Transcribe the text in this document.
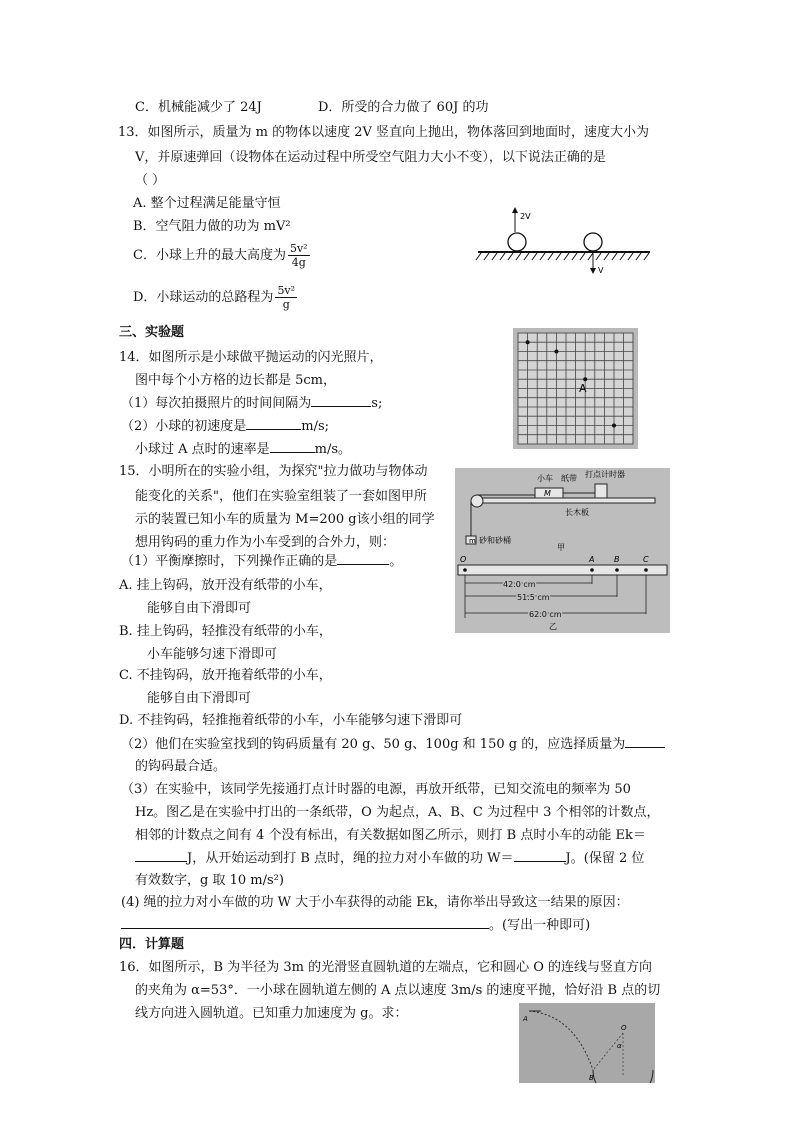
C．机械能减少了 24J	D．所受的合力做了 60J 的功
13．如图所示，质量为 m 的物体以速度 2V 竖直向上抛出，物体落回到地面时，速度大小为
V，并原速弹回（设物体在运动过程中所受空气阻力大小不变），以下说法正确的是
（ ）
A. 整个过程满足能量守恒
B．空气阻力做的功为 mV²
C．小球上升的最大高度为 $\frac{\text{5v²}}{4g}$
D．小球运动的总路程为 $\frac{\text{5v²}}{g}$
2V
V
三、实验题
14．如图所示是小球做平抛运动的闪光照片，
图中每个小方格的边长都是 5cm，
（1）每次拍摄照片的时间间隔为	s;
（2）小球的初速度是	m/s;
小球过 A 点时的速率是	m/s。
A
15．小明所在的实验小组，为探究"拉力做功与物体动
能变化的关系"，他们在实验室组装了一套如图甲所
示的装置已知小车的质量为 M=200 g该小组的同学
想用钩码的重力作为小车受到的合外力，则：
（1）平衡摩擦时，下列操作正确的是	。
A. 挂上钩码，放开没有纸带的小车，
能够自由下滑即可
B. 挂上钩码，轻推没有纸带的小车，
小车能够匀速下滑即可
C. 不挂钩码，放开拖着纸带的小车，
能够自由下滑即可
D. 不挂钩码，轻推拖着纸带的小车，小车能够匀速下滑即可
（2）他们在实验室找到的钩码质量有 20 g、50 g、100g 和 150 g 的，应选择质量为
的钩码最合适。
（3）在实验中，该同学先接通打点计时器的电源，再放开纸带，已知交流电的频率为 50
Hz。图乙是在实验中打出的一条纸带，O 为起点，A、B、C 为过程中 3 个相邻的计数点，
相邻的计数点之间有 4 个没有标出，有关数据如图乙所示，则打 B 点时小车的动能 Ek＝
J，从开始运动到打 B 点时，绳的拉力对小车做的功 W＝	J。(保留 2 位
有效数字，g 取 10 m/s²)
(4) 绳的拉力对小车做的功 W 大于小车获得的动能 Ek，请你举出导致这一结果的原因：
。(写出一种即可)
m
M
小车 纸带 打点计时器
长木板
砂和砂桶
甲
O	A B	C
42.0 cm
51.5 cm
62.0 cm
乙
四．计算题
16．如图所示，B 为半径为 3m 的光滑竖直圆轨道的左端点，它和圆心 O 的连线与竖直方向
的夹角为 α=53°．一小球在圆轨道左侧的 A 点以速度 3m/s 的速度平抛，恰好沿 B 点的切
线方向进入圆轨道。已知重力加速度为 g。求：	A
O
B
α
